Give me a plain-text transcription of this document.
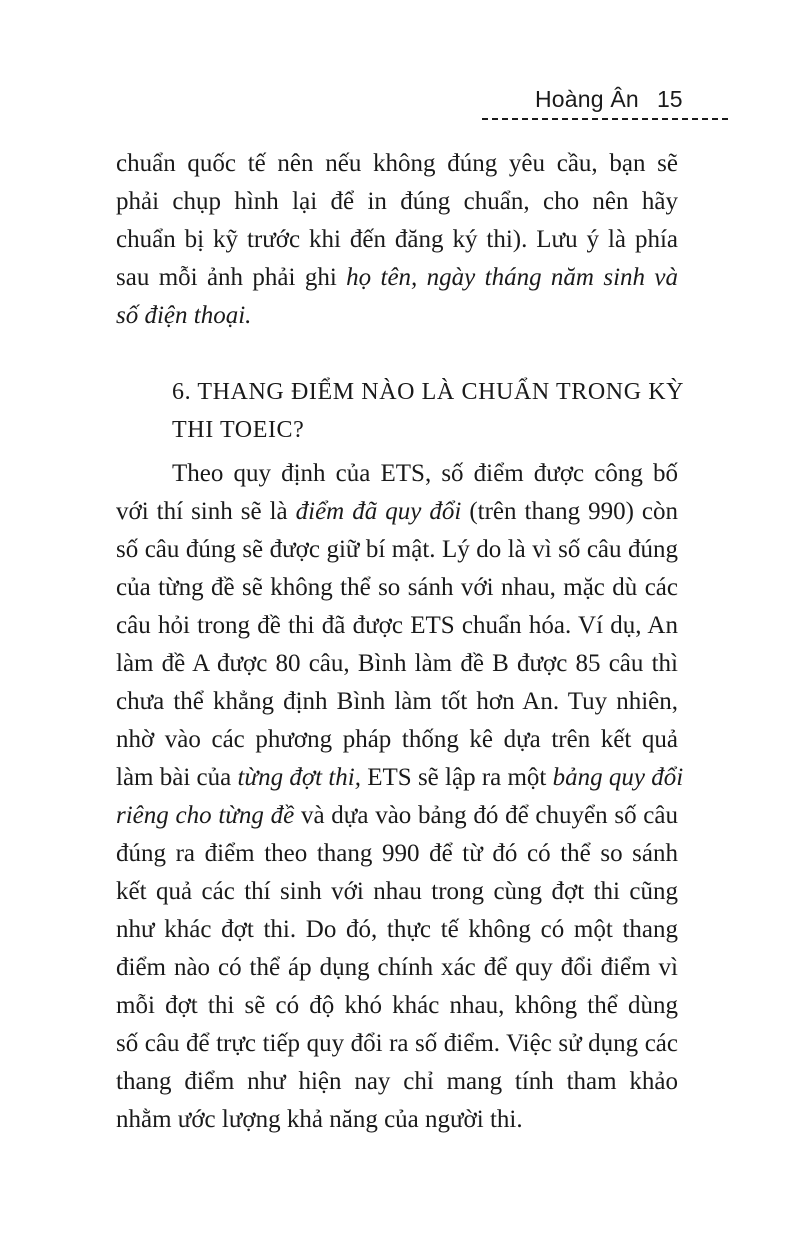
Hoàng Ân 15
chuẩn quốc tế nên nếu không đúng yêu cầu, bạn sẽ
phải chụp hình lại để in đúng chuẩn, cho nên hãy
chuẩn bị kỹ trước khi đến đăng ký thi). Lưu ý là phía
sau mỗi ảnh phải ghi họ tên, ngày tháng năm sinh và
số điện thoại.
6. THANG ĐIỂM NÀO LÀ CHUẨN TRONG KỲ
THI TOEIC?
Theo quy định của ETS, số điểm được công bố
với thí sinh sẽ là điểm đã quy đổi (trên thang 990) còn
số câu đúng sẽ được giữ bí mật. Lý do là vì số câu đúng
của từng đề sẽ không thể so sánh với nhau, mặc dù các
câu hỏi trong đề thi đã được ETS chuẩn hóa. Ví dụ, An
làm đề A được 80 câu, Bình làm đề B được 85 câu thì
chưa thể khẳng định Bình làm tốt hơn An. Tuy nhiên,
nhờ vào các phương pháp thống kê dựa trên kết quả
làm bài của từng đợt thi, ETS sẽ lập ra một bảng quy đổi
riêng cho từng đề và dựa vào bảng đó để chuyển số câu
đúng ra điểm theo thang 990 để từ đó có thể so sánh
kết quả các thí sinh với nhau trong cùng đợt thi cũng
như khác đợt thi. Do đó, thực tế không có một thang
điểm nào có thể áp dụng chính xác để quy đổi điểm vì
mỗi đợt thi sẽ có độ khó khác nhau, không thể dùng
số câu để trực tiếp quy đổi ra số điểm. Việc sử dụng các
thang điểm như hiện nay chỉ mang tính tham khảo
nhằm ước lượng khả năng của người thi.
